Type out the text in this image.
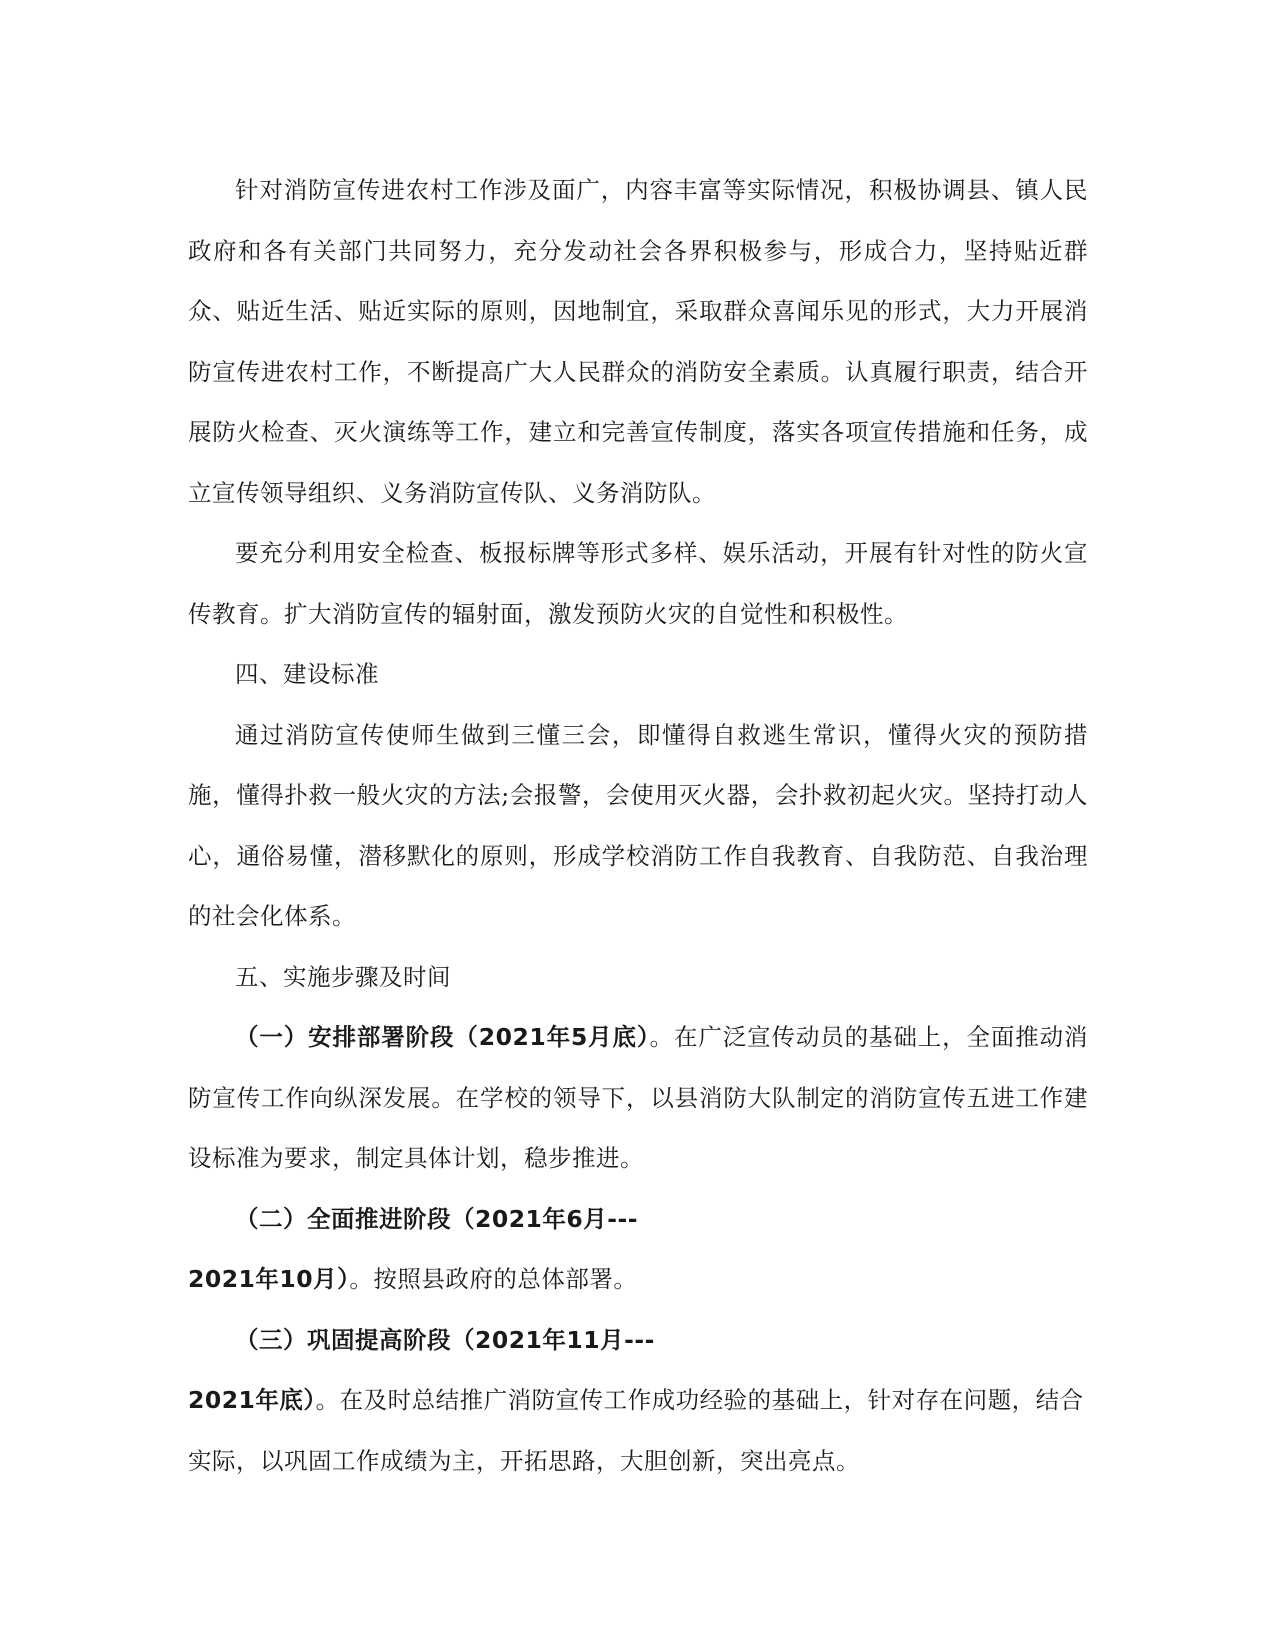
针对消防宣传进农村工作涉及面广，内容丰富等实际情况，积极协调县、镇人民政府和各有关部门共同努力，充分发动社会各界积极参与，形成合力，坚持贴近群众、贴近生活、贴近实际的原则，因地制宜，采取群众喜闻乐见的形式，大力开展消防宣传进农村工作，不断提高广大人民群众的消防安全素质。认真履行职责，结合开展防火检查、灭火演练等工作，建立和完善宣传制度，落实各项宣传措施和任务，成立宣传领导组织、义务消防宣传队、义务消防队。

要充分利用安全检查、板报标牌等形式多样、娱乐活动，开展有针对性的防火宣传教育。扩大消防宣传的辐射面，激发预防火灾的自觉性和积极性。

四、建设标准

通过消防宣传使师生做到三懂三会，即懂得自救逃生常识，懂得火灾的预防措施，懂得扑救一般火灾的方法;会报警，会使用灭火器，会扑救初起火灾。坚持打动人心，通俗易懂，潜移默化的原则，形成学校消防工作自我教育、自我防范、自我治理的社会化体系。

五、实施步骤及时间

（一）安排部署阶段（2021年5月底）。在广泛宣传动员的基础上，全面推动消防宣传工作向纵深发展。在学校的领导下，以县消防大队制定的消防宣传五进工作建设标准为要求，制定具体计划，稳步推进。

（二）全面推进阶段（2021年6月---
2021年10月）。按照县政府的总体部署。

（三）巩固提高阶段（2021年11月---
2021年底）。在及时总结推广消防宣传工作成功经验的基础上，针对存在问题，结合实际，以巩固工作成绩为主，开拓思路，大胆创新，突出亮点。
